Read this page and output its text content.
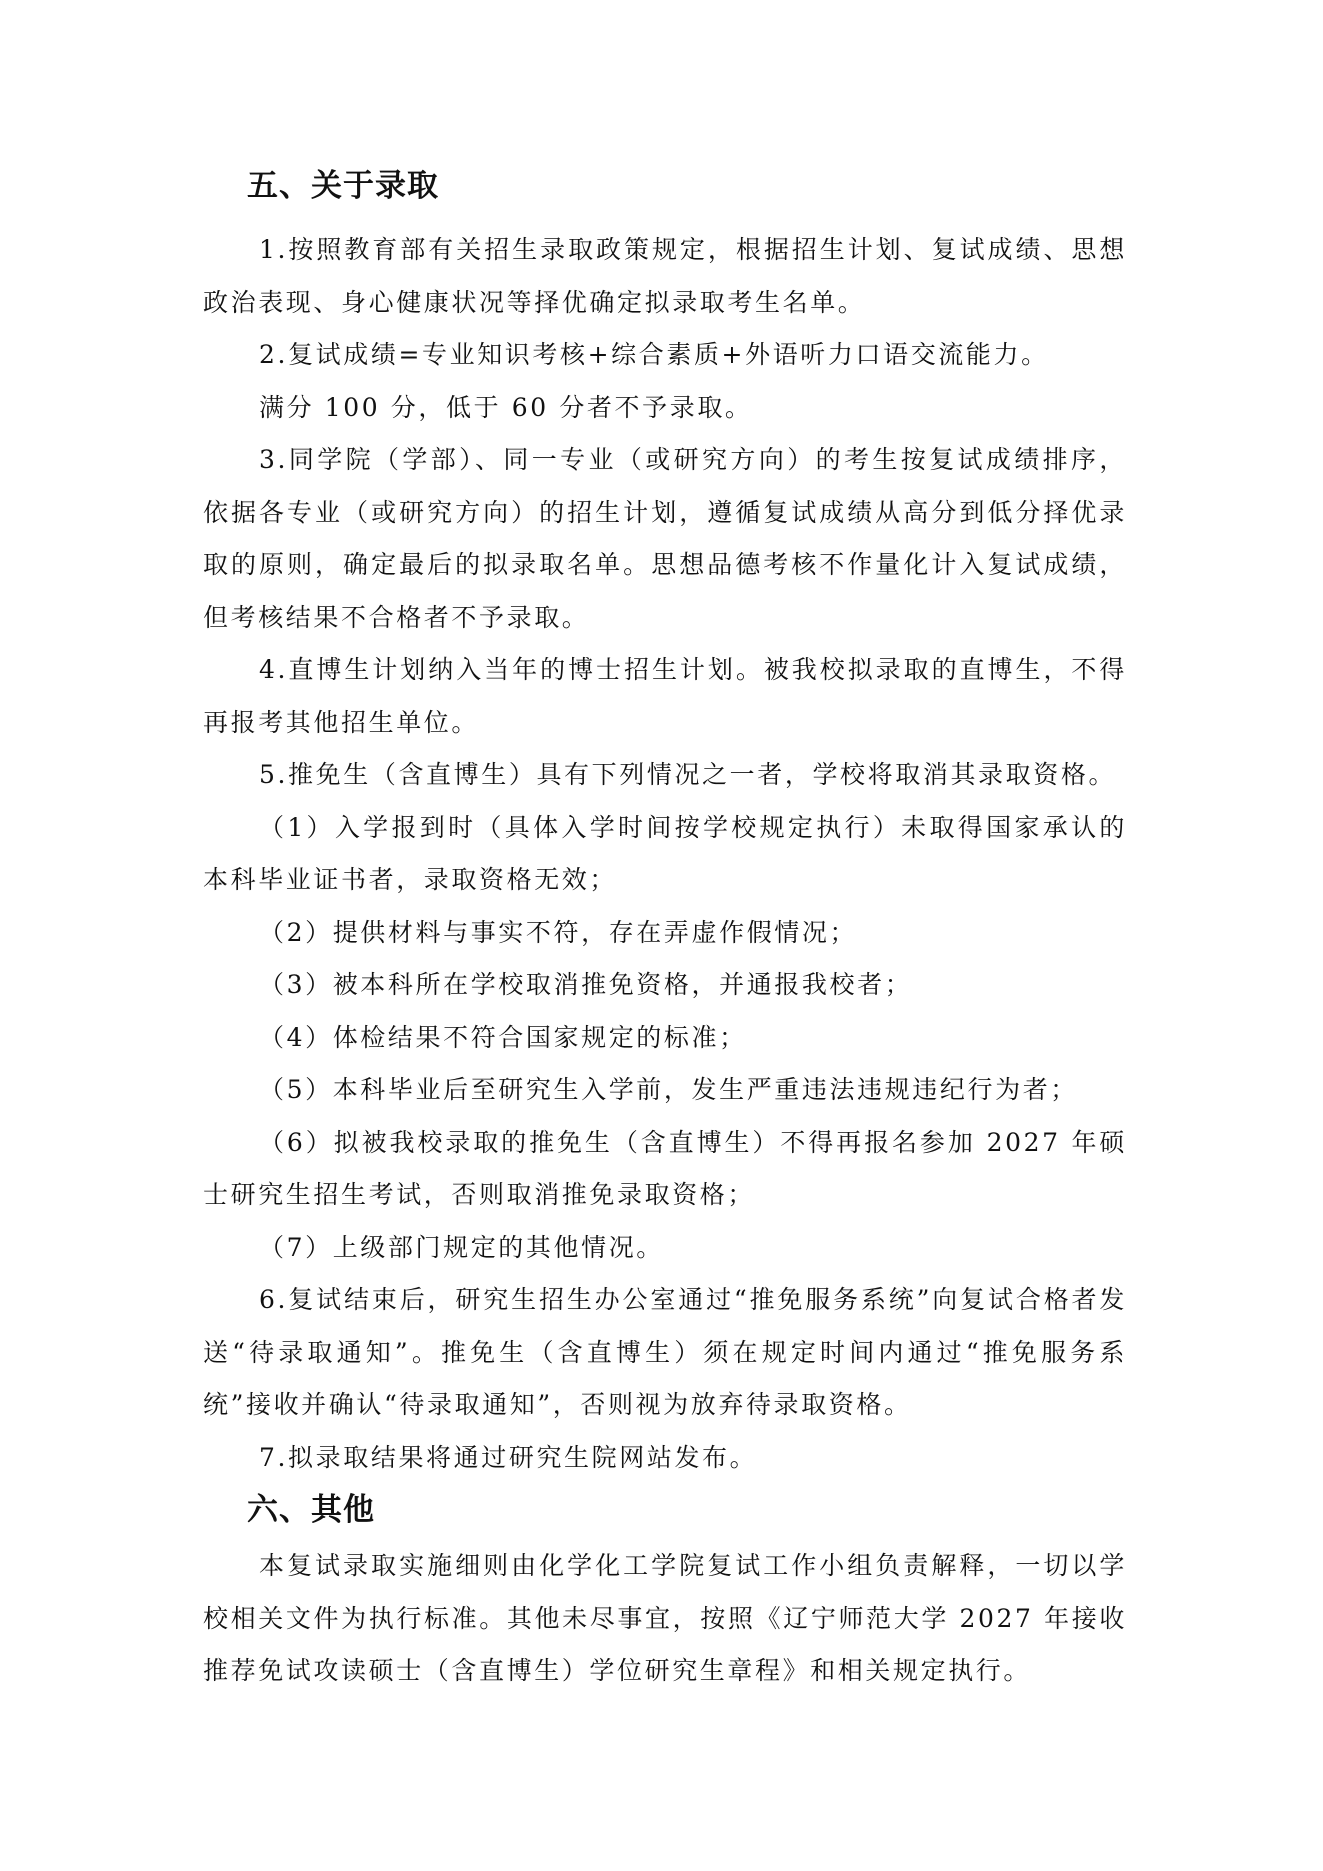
五、关于录取

1.按照教育部有关招生录取政策规定，根据招生计划、复试成绩、思想政治表现、身心健康状况等择优确定拟录取考生名单。

2.复试成绩=专业知识考核+综合素质+外语听力口语交流能力。

满分 100 分，低于 60 分者不予录取。

3.同学院（学部）、同一专业（或研究方向）的考生按复试成绩排序，依据各专业（或研究方向）的招生计划，遵循复试成绩从高分到低分择优录取的原则，确定最后的拟录取名单。思想品德考核不作量化计入复试成绩，但考核结果不合格者不予录取。

4.直博生计划纳入当年的博士招生计划。被我校拟录取的直博生，不得再报考其他招生单位。

5.推免生（含直博生）具有下列情况之一者，学校将取消其录取资格。

（1）入学报到时（具体入学时间按学校规定执行）未取得国家承认的本科毕业证书者，录取资格无效；

（2）提供材料与事实不符，存在弄虚作假情况；

（3）被本科所在学校取消推免资格，并通报我校者；

（4）体检结果不符合国家规定的标准；

（5）本科毕业后至研究生入学前，发生严重违法违规违纪行为者；

（6）拟被我校录取的推免生（含直博生）不得再报名参加 2027 年硕士研究生招生考试，否则取消推免录取资格；

（7）上级部门规定的其他情况。

6.复试结束后，研究生招生办公室通过“推免服务系统”向复试合格者发送“待录取通知”。推免生（含直博生）须在规定时间内通过“推免服务系统”接收并确认“待录取通知”，否则视为放弃待录取资格。

7.拟录取结果将通过研究生院网站发布。

六、其他

本复试录取实施细则由化学化工学院复试工作小组负责解释，一切以学校相关文件为执行标准。其他未尽事宜，按照《辽宁师范大学 2027 年接收推荐免试攻读硕士（含直博生）学位研究生章程》和相关规定执行。
